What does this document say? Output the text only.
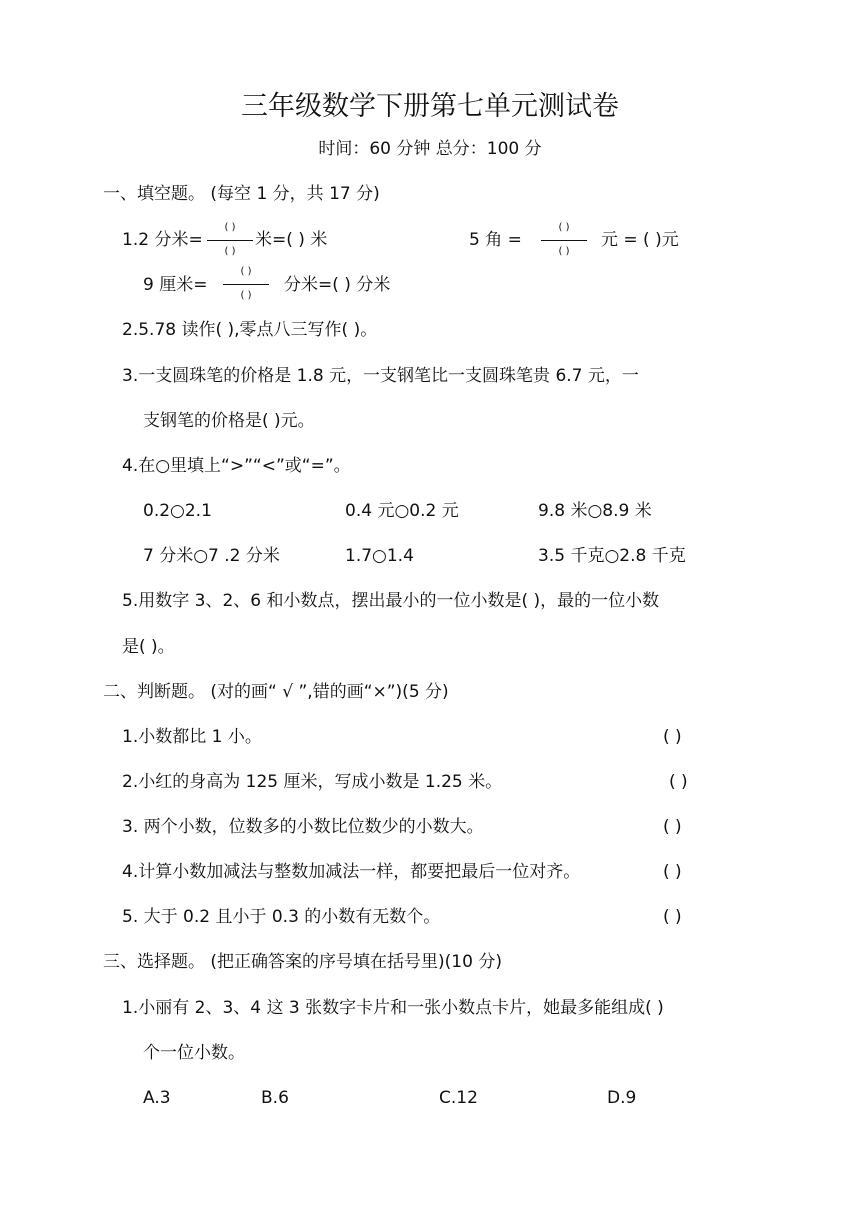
三年级数学下册第七单元测试卷
时间：60 分钟 总分：100 分
一、填空题。 (每空 1 分，共 17 分)
1.2 分米=
( )
( )
米=( ) 米	5 角 =
( )
( )
元 = ( )元
9 厘米=
( )
( )
分米=( ) 分米
2.5.78 读作( ),零点八三写作( )。
3.一支圆珠笔的价格是 1.8 元，一支钢笔比一支圆珠笔贵 6.7 元，一
支钢笔的价格是( )元。
4.在○里填上“>”“<”或“=”。
0.2○2.1	0.4 元○0.2 元	9.8 米○8.9 米
7 分米○7 .2 分米	1.7○1.4	3.5 千克○2.8 千克
5.用数字 3、2、6 和小数点，摆出最小的一位小数是( )，最的一位小数
是( )。
二、判断题。 (对的画“ √ ”,错的画“×”)(5 分)
1.小数都比 1 小。	( )
2.小红的身高为 125 厘米，写成小数是 1.25 米。	( )
3. 两个小数，位数多的小数比位数少的小数大。	( )
4.计算小数加减法与整数加减法一样，都要把最后一位对齐。	( )
5. 大于 0.2 且小于 0.3 的小数有无数个。	( )
三、选择题。 (把正确答案的序号填在括号里)(10 分)
1.小丽有 2、3、4 这 3 张数字卡片和一张小数点卡片，她最多能组成( )
个一位小数。
A.3	B.6	C.12	D.9
